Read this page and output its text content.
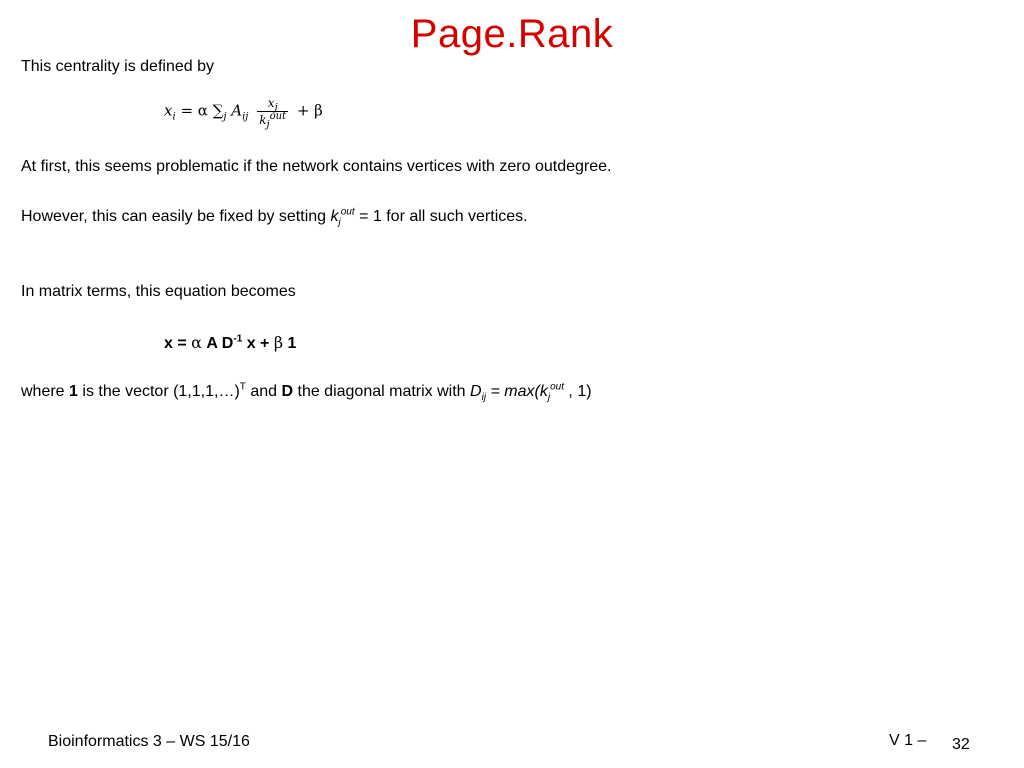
Page.Rank
This centrality is defined by
$x_i = \alpha$ $\sum_j$ $A_{ij} \frac{x_j}{k_j^{out}} + \beta$
At first, this seems problematic if the network contains vertices with zero outdegree.
However, this can easily be fixed by setting $k_j^{out} = 1$ for all such vertices.
In matrix terms, this equation becomes
x = α A $D^{-1}$ x + β 1
where 1 is the vector (1,1,1,…)$^T$ and D the diagonal matrix with $D_{ij} = \max(k_j^{out}$ , 1)
Bioinformatics 3 – WS 15/16	V 1 – 32
